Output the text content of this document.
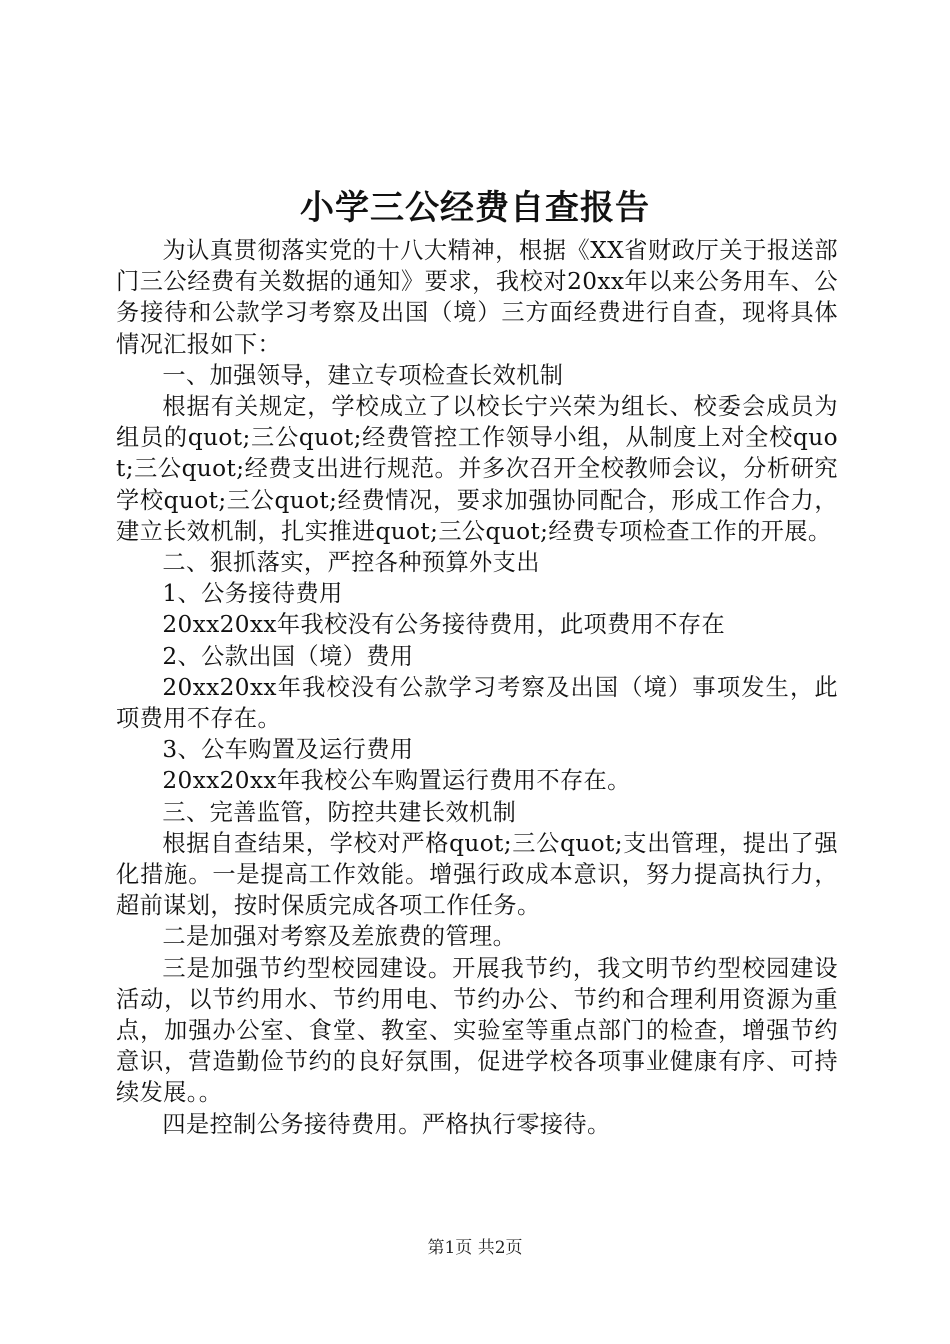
小学三公经费自查报告

为认真贯彻落实党的十八大精神，根据《XX省财政厅关于报送部门三公经费有关数据的通知》要求，我校对20xx年以来公务用车、公务接待和公款学习考察及出国（境）三方面经费进行自查，现将具体情况汇报如下：

一、加强领导，建立专项检查长效机制

根据有关规定，学校成立了以校长宁兴荣为组长、校委会成员为组员的quot;三公quot;经费管控工作领导小组，从制度上对全校quot;三公quot;经费支出进行规范。并多次召开全校教师会议，分析研究学校quot;三公quot;经费情况，要求加强协同配合，形成工作合力，建立长效机制，扎实推进quot;三公quot;经费专项检查工作的开展。

二、狠抓落实，严控各种预算外支出

1、公务接待费用

20xx20xx年我校没有公务接待费用，此项费用不存在

2、公款出国（境）费用

20xx20xx年我校没有公款学习考察及出国（境）事项发生，此项费用不存在。

3、公车购置及运行费用

20xx20xx年我校公车购置运行费用不存在。

三、完善监管，防控共建长效机制

根据自查结果，学校对严格quot;三公quot;支出管理，提出了强化措施。一是提高工作效能。增强行政成本意识，努力提高执行力，超前谋划，按时保质完成各项工作任务。

二是加强对考察及差旅费的管理。

三是加强节约型校园建设。开展我节约，我文明节约型校园建设活动，以节约用水、节约用电、节约办公、节约和合理利用资源为重点，加强办公室、食堂、教室、实验室等重点部门的检查，增强节约意识，营造勤俭节约的良好氛围，促进学校各项事业健康有序、可持续发展。。

四是控制公务接待费用。严格执行零接待。

第1页 共2页
